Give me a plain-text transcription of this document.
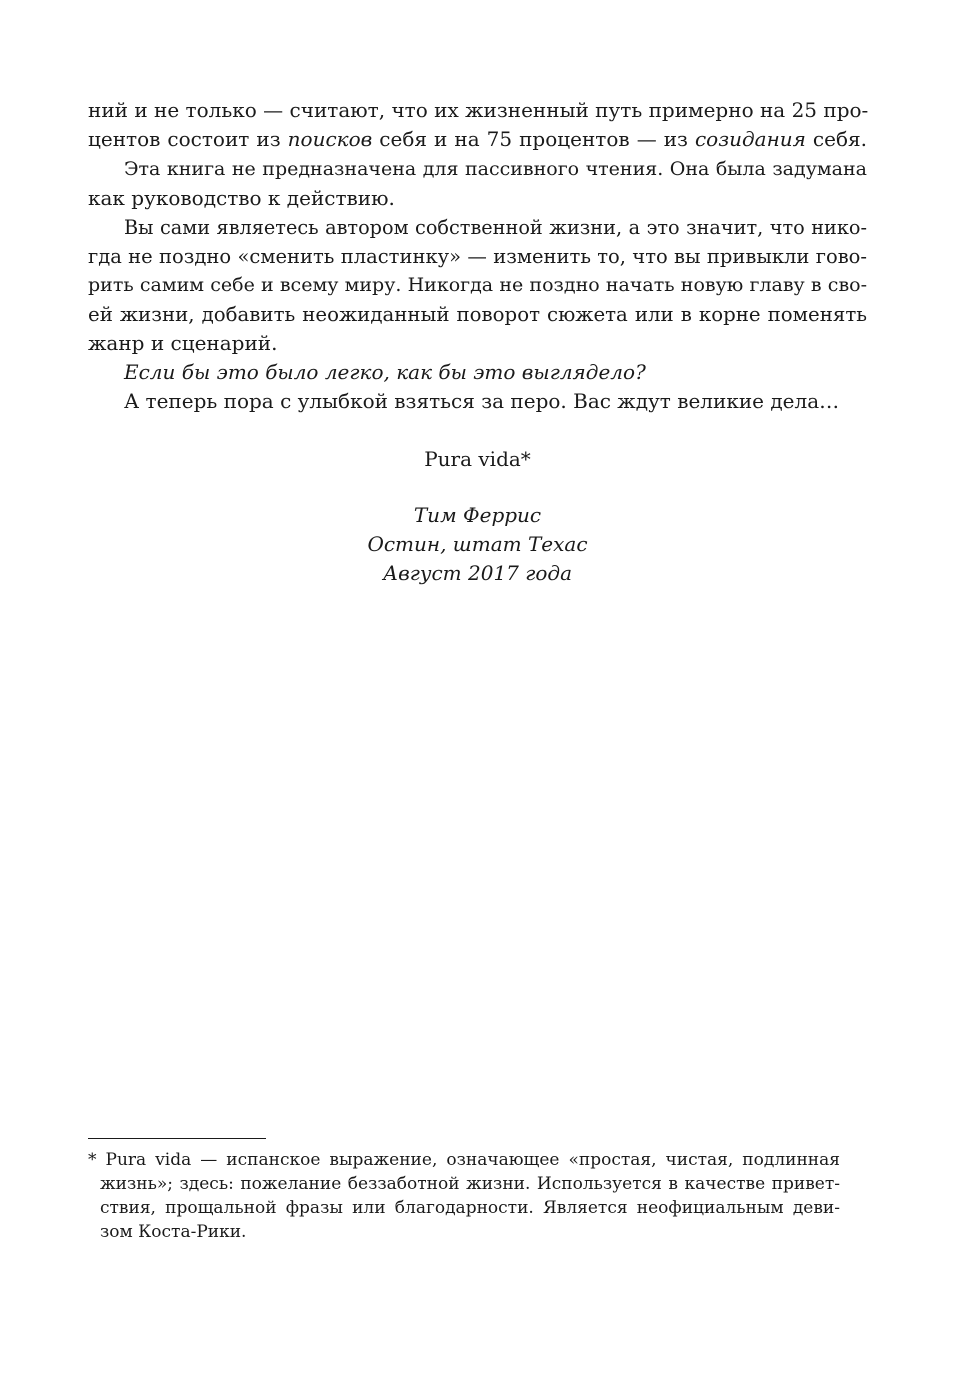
ний и не только — считают, что их жизненный путь примерно на 25 про-
центов состоит из поисков себя и на 75 процентов — из созидания себя.
Эта книга не предназначена для пассивного чтения. Она была задумана
как руководство к действию.
Вы сами являетесь автором собственной жизни, а это значит, что нико-
гда не поздно «сменить пластинку» — изменить то, что вы привыкли гово-
рить самим себе и всему миру. Никогда не поздно начать новую главу в сво-
ей жизни, добавить неожиданный поворот сюжета или в корне поменять
жанр и сценарий.
Если бы это было легко, как бы это выглядело?
А теперь пора с улыбкой взяться за перо. Вас ждут великие дела…
Pura vida*
Тим Феррис
Остин, штат Техас
Август 2017 года
* Pura vida — испанское выражение, означающее «простая, чистая, подлинная
жизнь»; здесь: пожелание беззаботной жизни. Используется в качестве привет-
ствия, прощальной фразы или благодарности. Является неофициальным деви-
зом Коста-Рики.
